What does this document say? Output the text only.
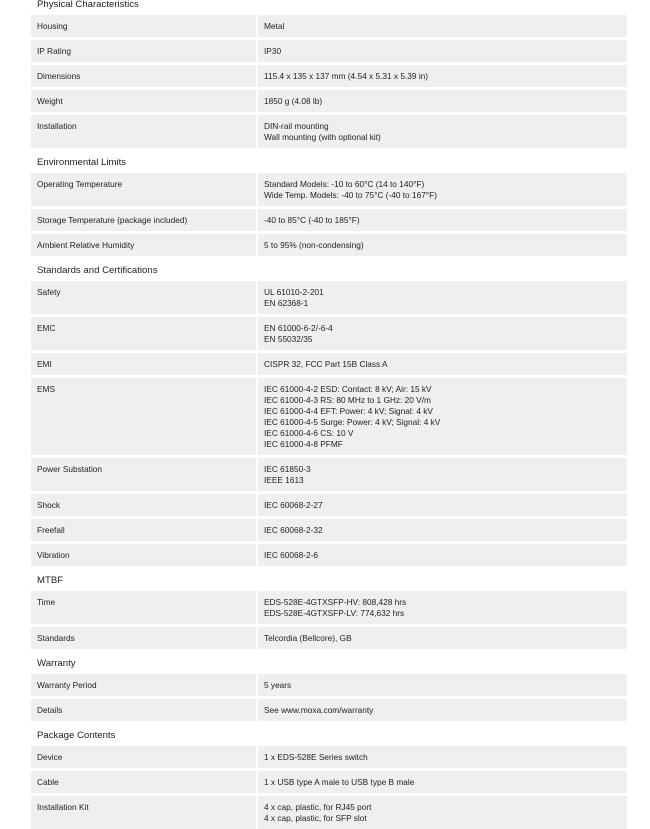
Physical Characteristics
Housing	Metal
IP Rating	IP30
Dimensions	115.4 x 135 x 137 mm (4.54 x 5.31 x 5.39 in)
Weight	1850 g (4.08 lb)
Installation	DIN-rail mounting
Wall mounting (with optional kit)
Environmental Limits
Operating Temperature	Standard Models: -10 to 60°C (14 to 140°F)
Wide Temp. Models: -40 to 75°C (-40 to 167°F)
Storage Temperature (package included)	-40 to 85°C (-40 to 185°F)
Ambient Relative Humidity	5 to 95% (non-condensing)
Standards and Certifications
Safety	UL 61010-2-201
EN 62368-1
EMC	EN 61000-6-2/-6-4
EN 55032/35
EMI	CISPR 32, FCC Part 15B Class A
EMS	IEC 61000-4-2 ESD: Contact: 8 kV; Air: 15 kV
IEC 61000-4-3 RS: 80 MHz to 1 GHz: 20 V/m
IEC 61000-4-4 EFT: Power: 4 kV; Signal: 4 kV
IEC 61000-4-5 Surge: Power: 4 kV; Signal: 4 kV
IEC 61000-4-6 CS: 10 V
IEC 61000-4-8 PFMF
Power Substation	IEC 61850-3
IEEE 1613
Shock	IEC 60068-2-27
Freefall	IEC 60068-2-32
Vibration	IEC 60068-2-6
MTBF
Time	EDS-528E-4GTXSFP-HV: 808,428 hrs
EDS-528E-4GTXSFP-LV: 774,632 hrs
Standards	Telcordia (Bellcore), GB
Warranty
Warranty Period	5 years
Details	See www.moxa.com/warranty
Package Contents
Device	1 x EDS-528E Series switch
Cable	1 x USB type A male to USB type B male
Installation Kit	4 x cap, plastic, for RJ45 port
4 x cap, plastic, for SFP slot
